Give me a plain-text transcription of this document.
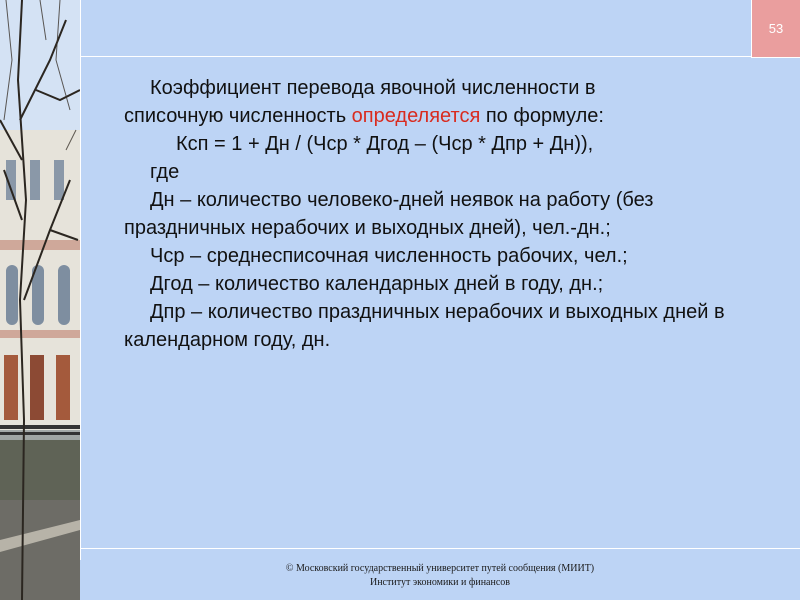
53

Коэффициент перевода явочной численности в

списочную численность определяется по формуле:

Ксп = 1 + Дн / (Чср * Дгод – (Чср * Дпр + Дн)),

где

Дн – количество человеко-дней неявок на работу (без праздничных нерабочих и выходных дней), чел.-дн.;

Чср – среднесписочная численность рабочих, чел.;

Дгод – количество календарных дней в году, дн.;

Дпр – количество праздничных нерабочих и выходных дней в календарном году, дн.

© Московский государственный университет путей сообщения (МИИТ)
Институт экономики и финансов
